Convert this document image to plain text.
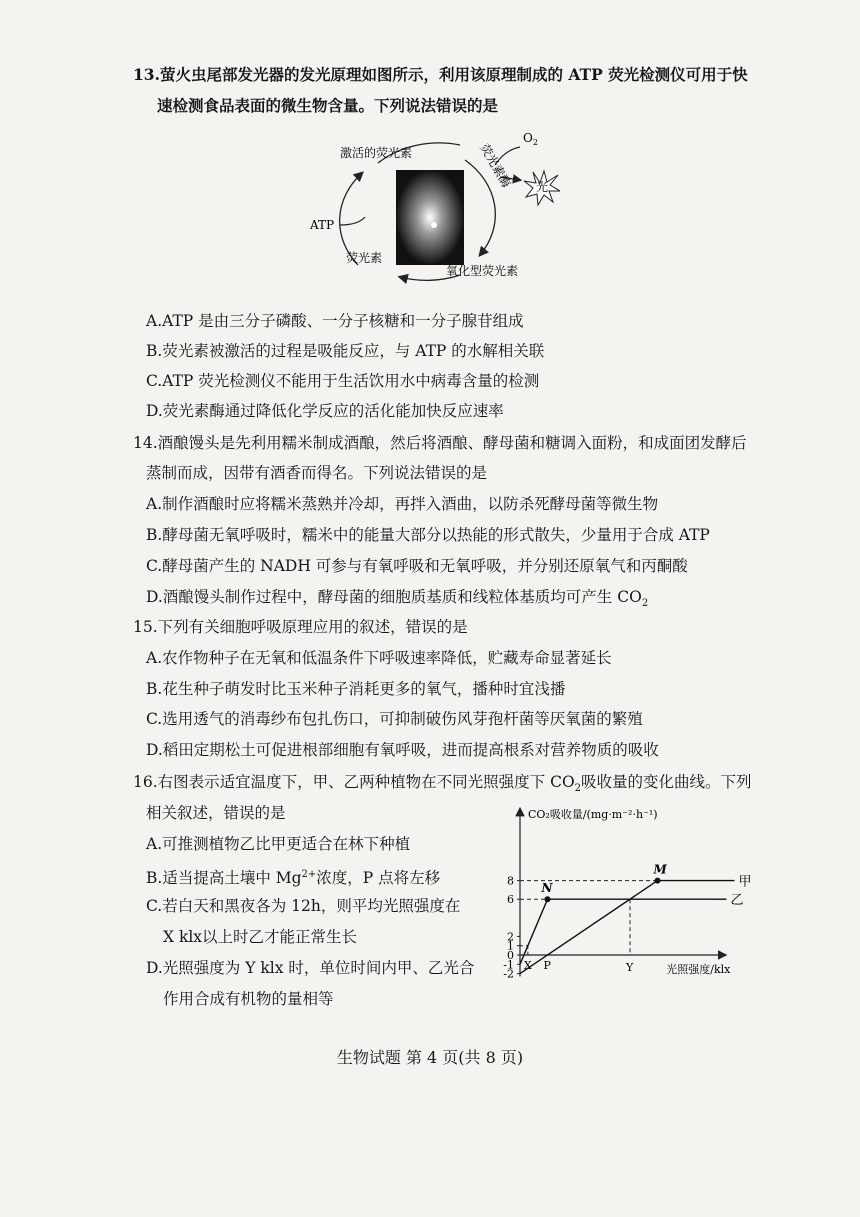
13.萤火虫尾部发光器的发光原理如图所示，利用该原理制成的 ATP 荧光检测仪可用于快
速检测食品表面的微生物含量。下列说法错误的是
光
激活的荧光素	荧光素酶
$O_2$
ATP
荧光素
氧化型荧光素
A.ATP 是由三分子磷酸、一分子核糖和一分子腺苷组成
B.荧光素被激活的过程是吸能反应，与 ATP 的水解相关联
C.ATP 荧光检测仪不能用于生活饮用水中病毒含量的检测
D.荧光素酶通过降低化学反应的活化能加快反应速率
14.酒酿馒头是先利用糯米制成酒酿，然后将酒酿、酵母菌和糖调入面粉，和成面团发酵后
蒸制而成，因带有酒香而得名。下列说法错误的是
A.制作酒酿时应将糯米蒸熟并冷却，再拌入酒曲，以防杀死酵母菌等微生物
B.酵母菌无氧呼吸时，糯米中的能量大部分以热能的形式散失，少量用于合成 ATP
C.酵母菌产生的 NADH 可参与有氧呼吸和无氧呼吸，并分别还原氧气和丙酮酸
D.酒酿馒头制作过程中，酵母菌的细胞质基质和线粒体基质均可产生 $CO_2$
15.下列有关细胞呼吸原理应用的叙述，错误的是
A.农作物种子在无氧和低温条件下呼吸速率降低，贮藏寿命显著延长
B.花生种子萌发时比玉米种子消耗更多的氧气，播种时宜浅播
C.选用透气的消毒纱布包扎伤口，可抑制破伤风芽孢杆菌等厌氧菌的繁殖
D.稻田定期松土可促进根部细胞有氧呼吸，进而提高根系对营养物质的吸收
16.右图表示适宜温度下，甲、乙两种植物在不同光照强度下 $CO_2$吸收量的变化曲线。下列
相关叙述，错误的是
A.可推测植物乙比甲更适合在林下种植
B.适当提高土壤中 $Mg^{2+}$浓度，P 点将左移
C.若白天和黑夜各为 12h，则平均光照强度在
X klx以上时乙才能正常生长
D.光照强度为 Y klx 时，单位时间内甲、乙光合
作用合成有机物的量相等
CO₂吸收量/(mg·m⁻²·h⁻¹)
光照强度/klx
8
6
2
1
0
-1
-2
甲
乙
M
N
X P	Y
生物试题 第 4 页(共 8 页)
